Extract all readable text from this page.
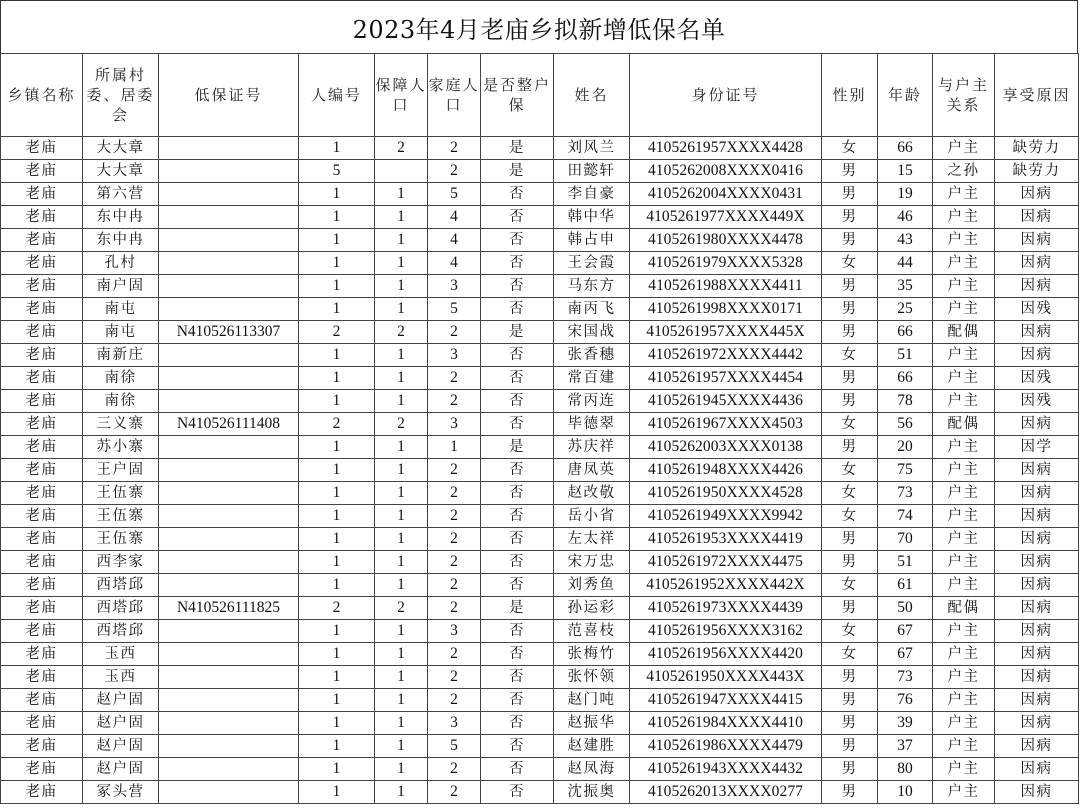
2023年4月老庙乡拟新增低保名单
乡镇名称	所属村委、居委会	低保证号	人编号	保障人口	家庭人口	是否整户保	姓名	身份证号	性别	年龄	与户主关系	享受原因
老庙	大大章		1	2	2	是	刘风兰	4105261957XXXX4428	女	66	户主	缺劳力
老庙	大大章		5		2	是	田懿轩	4105262008XXXX0416	男	15	之孙	缺劳力
老庙	第六营		1	1	5	否	李自豪	4105262004XXXX0431	男	19	户主	因病
老庙	东中冉		1	1	4	否	韩中华	4105261977XXXX449X	男	46	户主	因病
老庙	东中冉		1	1	4	否	韩占申	4105261980XXXX4478	男	43	户主	因病
老庙	孔村		1	1	4	否	王会霞	4105261979XXXX5328	女	44	户主	因病
老庙	南户固		1	1	3	否	马东方	4105261988XXXX4411	男	35	户主	因病
老庙	南屯		1	1	5	否	南丙飞	4105261998XXXX0171	男	25	户主	因残
老庙	南屯	N410526113307	2	2	2	是	宋国战	4105261957XXXX445X	男	66	配偶	因病
老庙	南新庄		1	1	3	否	张香穗	4105261972XXXX4442	女	51	户主	因病
老庙	南徐		1	1	2	否	常百建	4105261957XXXX4454	男	66	户主	因残
老庙	南徐		1	1	2	否	常丙连	4105261945XXXX4436	男	78	户主	因残
老庙	三义寨	N410526111408	2	2	3	否	毕德翠	4105261967XXXX4503	女	56	配偶	因病
老庙	苏小寨		1	1	1	是	苏庆祥	4105262003XXXX0138	男	20	户主	因学
老庙	王户固		1	1	2	否	唐凤英	4105261948XXXX4426	女	75	户主	因病
老庙	王伍寨		1	1	2	否	赵改敬	4105261950XXXX4528	女	73	户主	因病
老庙	王伍寨		1	1	2	否	岳小省	4105261949XXXX9942	女	74	户主	因病
老庙	王伍寨		1	1	2	否	左太祥	4105261953XXXX4419	男	70	户主	因病
老庙	西李家		1	1	2	否	宋万忠	4105261972XXXX4475	男	51	户主	因病
老庙	西塔邱		1	1	2	否	刘秀鱼	4105261952XXXX442X	女	61	户主	因病
老庙	西塔邱	N410526111825	2	2	2	是	孙运彩	4105261973XXXX4439	男	50	配偶	因病
老庙	西塔邱		1	1	3	否	范喜枝	4105261956XXXX3162	女	67	户主	因病
老庙	玉西		1	1	2	否	张梅竹	4105261956XXXX4420	女	67	户主	因病
老庙	玉西		1	1	2	否	张怀领	4105261950XXXX443X	男	73	户主	因病
老庙	赵户固		1	1	2	否	赵门吨	4105261947XXXX4415	男	76	户主	因病
老庙	赵户固		1	1	3	否	赵振华	4105261984XXXX4410	男	39	户主	因病
老庙	赵户固		1	1	5	否	赵建胜	4105261986XXXX4479	男	37	户主	因病
老庙	赵户固		1	1	2	否	赵凤海	4105261943XXXX4432	男	80	户主	因病
老庙	冢头营		1	1	2	否	沈振奥	4105262013XXXX0277	男	10	户主	因病
